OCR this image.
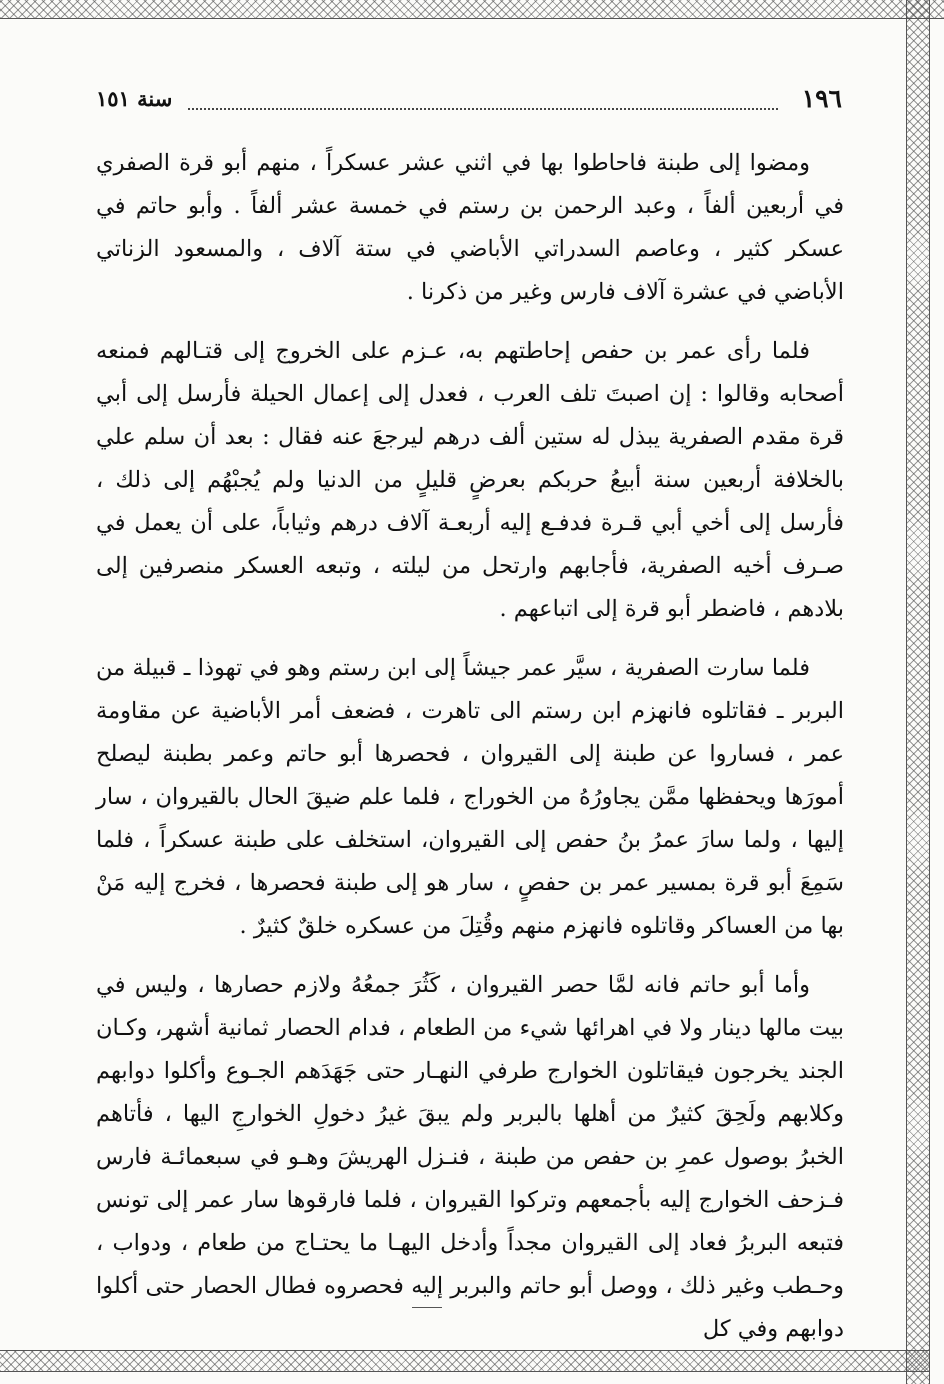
١٩٦
سنة ١٥١

ومضوا إلى طبنة فاحاطوا بها في اثني عشر عسكراً ، منهم أبو قرة الصفري في أربعين ألفاً ، وعبد الرحمن بن رستم في خمسة عشر ألفاً . وأبو حاتم في عسكر كثير ، وعاصم السدراتي الأباضي في ستة آلاف ، والمسعود الزناتي الأباضي في عشرة آلاف فارس وغير من ذكرنا .

فلما رأى عمر بن حفص إحاطتهم به، عـزم على الخروج إلى قتـالهم فمنعه أصحابه وقالوا : إن اصبتَ تلف العرب ، فعدل إلى إعمال الحيلة فأرسل إلى أبي قرة مقدم الصفرية يبذل له ستين ألف درهم ليرجعَ عنه فقال : بعد أن سلم علي بالخلافة أربعين سنة أبيعُ حربكم بعرضٍ قليلٍ من الدنيا ولم يُجبْهُم إلى ذلك ، فأرسل إلى أخي أبي قـرة فدفـع إليه أربعـة آلاف درهم وثياباً، على أن يعمل في صـرف أخيه الصفرية، فأجابهم وارتحل من ليلته ، وتبعه العسكر منصرفين إلى بلادهم ، فاضطر أبو قرة إلى اتباعهم .

فلما سارت الصفرية ، سيَّر عمر جيشاً إلى ابن رستم وهو في تهوذا ـ قبيلة من البربر ـ فقاتلوه فانهزم ابن رستم الى تاهرت ، فضعف أمر الأباضية عن مقاومة عمر ، فساروا عن طبنة إلى القيروان ، فحصرها أبو حاتم وعمر بطبنة ليصلح أمورَها ويحفظها ممَّن يجاورُهُ من الخوراج ، فلما علم ضيقَ الحال بالقيروان ، سار إليها ، ولما سارَ عمرُ بنُ حفص إلى القيروان، استخلف على طبنة عسكراً ، فلما سَمِعَ أبو قرة بمسير عمر بن حفصٍ ، سار هو إلى طبنة فحصرها ، فخرج إليه مَنْ بها من العساكر وقاتلوه فانهزم منهم وقُتِلَ من عسكره خلقٌ كثيرٌ .

وأما أبو حاتم فانه لمَّا حصر القيروان ، كَثُرَ جمعُهُ ولازم حصارها ، وليس في بيت مالها دينار ولا في اهرائها شيء من الطعام ، فدام الحصار ثمانية أشهر، وكـان الجند يخرجون فيقاتلون الخوارج طرفي النهـار حتى جَهَدَهم الجـوع وأكلوا دوابهم وكلابهم ولَحِقَ كثيرٌ من أهلها بالبربر ولم يبقَ غيرُ دخولِ الخوارجِ اليها ، فأتاهم الخبرُ بوصول عمرِ بن حفص من طبنة ، فنـزل الهريشَ وهـو في سبعمائـة فارس فـزحف الخوارج إليه بأجمعهم وتركوا القيروان ، فلما فارقوها سار عمر إلى تونس فتبعه البربرُ فعاد إلى القيروان مجداً وأدخل اليهـا ما يحتـاج من طعام ، ودواب ، وحـطب وغير ذلك ، ووصل أبو حاتم والبربر إليه فحصروه فطال الحصار حتى أكلوا دوابهم وفي كل
